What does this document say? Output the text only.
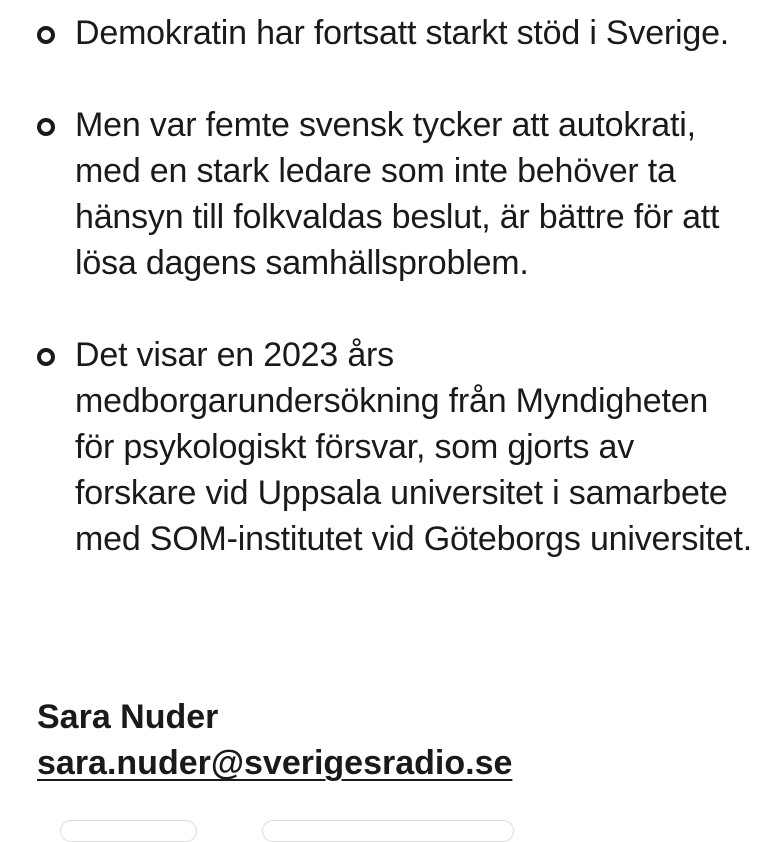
Demokratin har fortsatt starkt stöd i Sverige.
Men var femte svensk tycker att autokrati, med en stark ledare som inte behöver ta hänsyn till folkvaldas beslut, är bättre för att lösa dagens samhällsproblem.
Det visar en 2023 års medborgarundersökning från Myndigheten för psykologiskt försvar, som gjorts av forskare vid Uppsala universitet i samarbete med SOM-institutet vid Göteborgs universitet.
Sara Nuder
sara.nuder@sverigesradio.se
